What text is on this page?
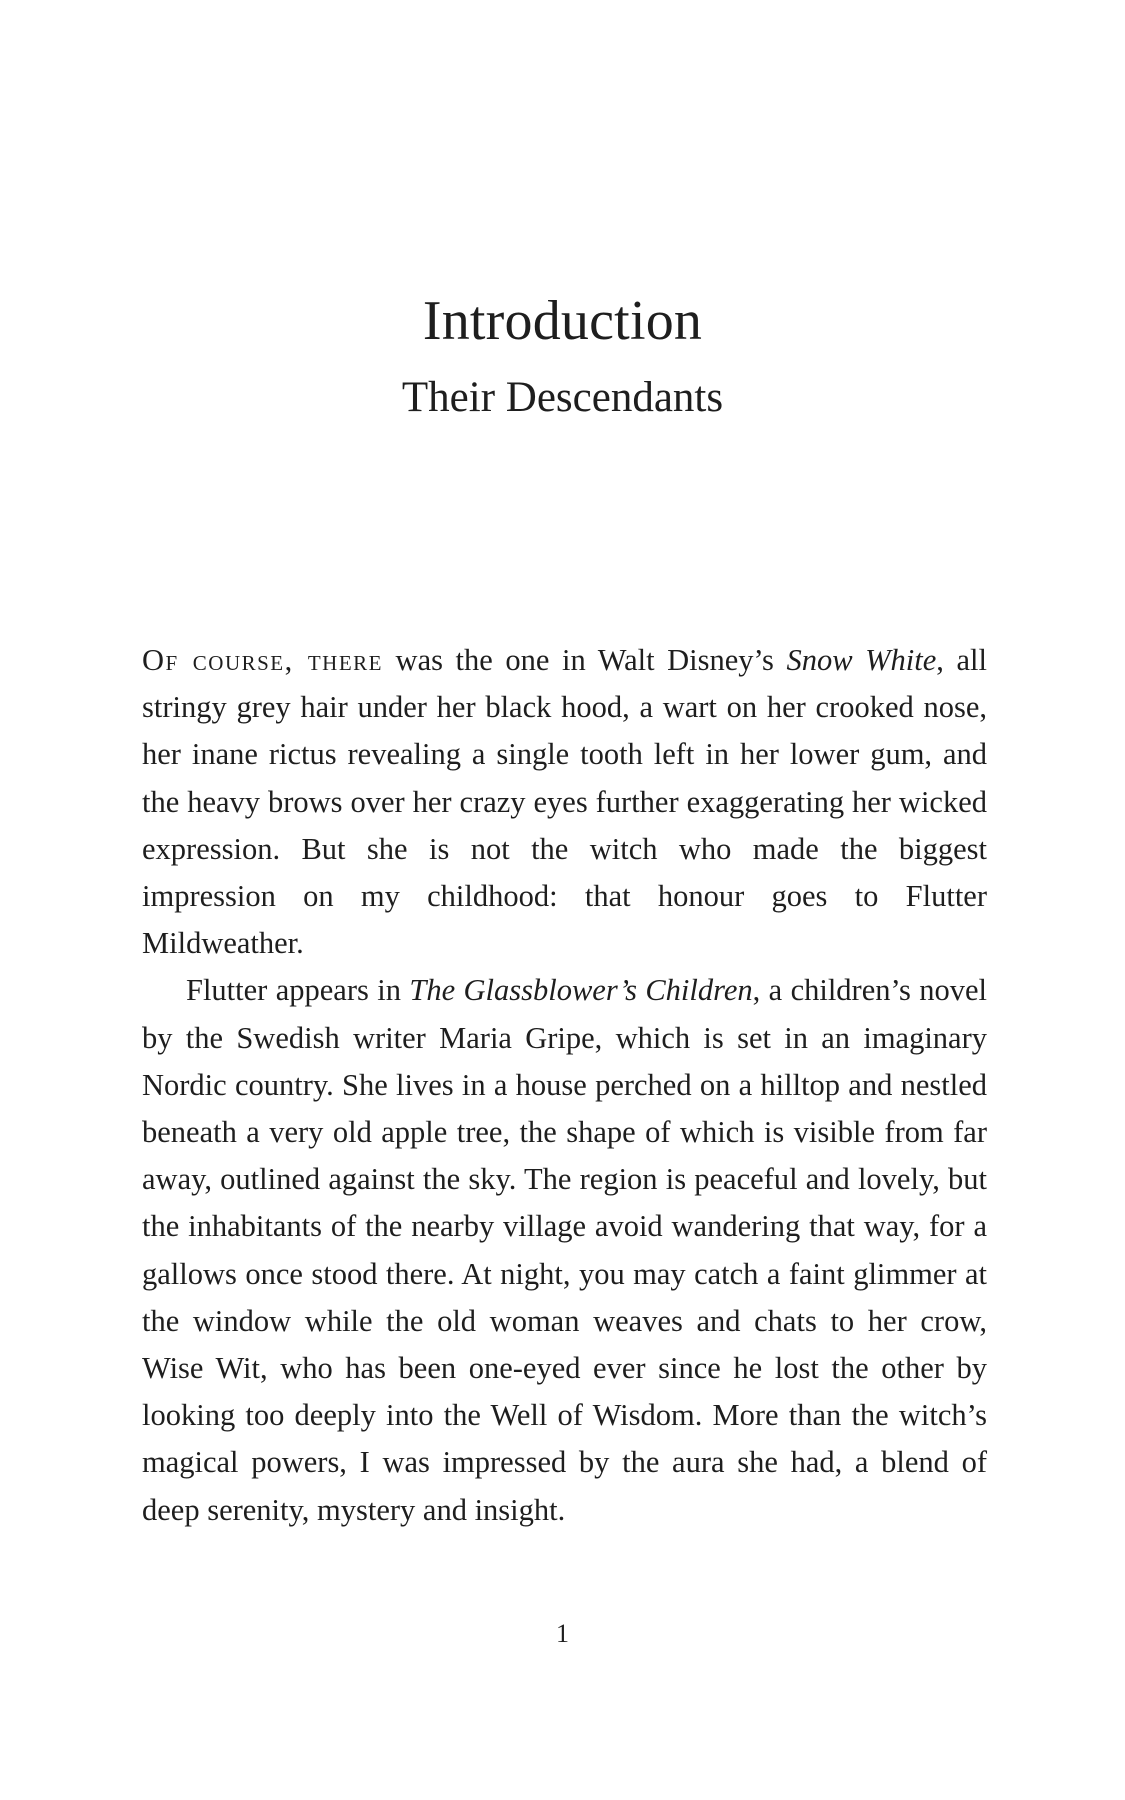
Introduction
Their Descendants

Of course, there was the one in Walt Disney’s Snow White, all stringy grey hair under her black hood, a wart on her crooked nose, her inane rictus revealing a single tooth left in her lower gum, and the heavy brows over her crazy eyes further exaggerating her wicked expression. But she is not the witch who made the biggest impression on my childhood: that honour goes to Flutter Mildweather.

Flutter appears in The Glassblower’s Children, a children’s novel by the Swedish writer Maria Gripe, which is set in an imaginary Nordic country. She lives in a house perched on a hilltop and nestled beneath a very old apple tree, the shape of which is visible from far away, outlined against the sky. The region is peaceful and lovely, but the inhabitants of the nearby village avoid wandering that way, for a gallows once stood there. At night, you may catch a faint glimmer at the window while the old woman weaves and chats to her crow, Wise Wit, who has been one-eyed ever since he lost the other by looking too deeply into the Well of Wisdom. More than the witch’s magical powers, I was impressed by the aura she had, a blend of deep serenity, mystery and insight.

1
